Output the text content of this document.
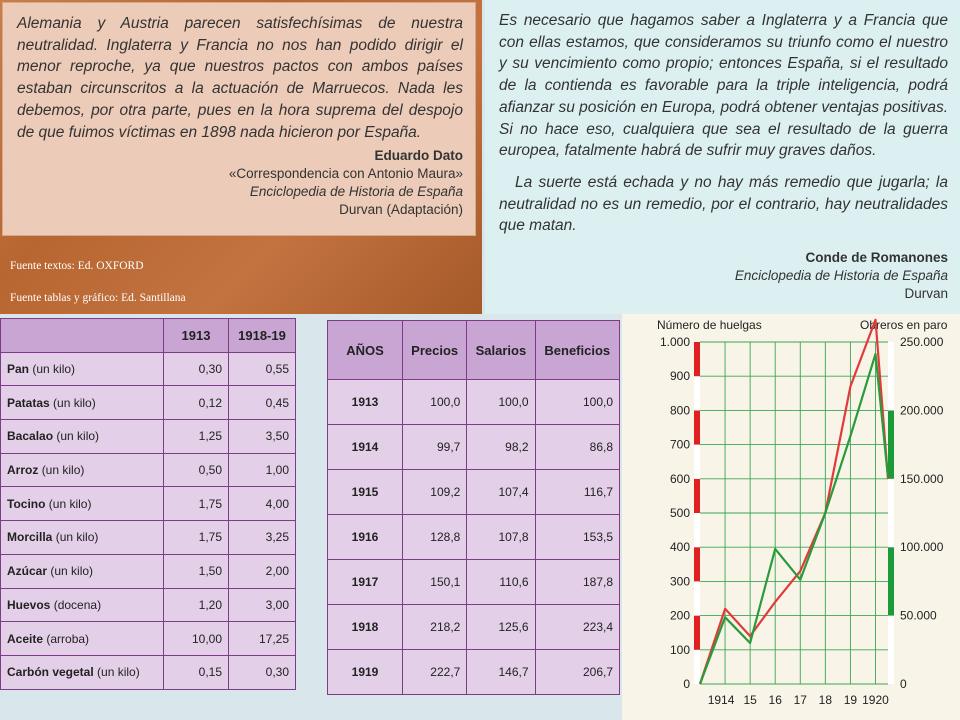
Alemania y Austria parecen satisfechísimas de nuestra neutralidad. Inglaterra y Francia no nos han podido dirigir el menor reproche, ya que nuestros pactos con ambos países estaban circunscritos a la actuación de Marruecos. Nada les debemos, por otra parte, pues en la hora suprema del despojo de que fuimos víctimas en 1898 nada hicieron por España.

Eduardo Dato
«Correspondencia con Antonio Maura»
Enciclopedia de Historia de España
Durvan (Adaptación)
Fuente textos: Ed. OXFORD
Fuente tablas y gráfico: Ed. Santillana

Es necesario que hagamos saber a Inglaterra y a Francia que con ellas estamos, que consideramos su triunfo como el nuestro y su vencimiento como propio; entonces España, si el resultado de la contienda es favorable para la triple inteligencia, podrá afianzar su posición en Europa, podrá obtener ventajas positivas. Si no hace eso, cualquiera que sea el resultado de la guerra europea, fatalmente habrá de sufrir muy graves daños.

La suerte está echada y no hay más remedio que jugarla; la neutralidad no es un remedio, por el contrario, hay neutralidades que matan.

Conde de Romanones
Enciclopedia de Historia de España
Durvan
	1913	1918-19
Pan (un kilo)	0,30	0,55
Patatas (un kilo)	0,12	0,45
Bacalao (un kilo)	1,25	3,50
Arroz (un kilo)	0,50	1,00
Tocino (un kilo)	1,75	4,00
Morcilla (un kilo)	1,75	3,25
Azúcar (un kilo)	1,50	2,00
Huevos (docena)	1,20	3,00
Aceite (arroba)	10,00	17,25
Carbón vegetal (un kilo)	0,15	0,30
AÑOS	Precios	Salarios	Beneficios
1913	100,0	100,0	100,0
1914	99,7	98,2	86,8
1915	109,2	107,4	116,7
1916	128,8	107,8	153,5
1917	150,1	110,6	187,8
1918	218,2	125,6	223,4
1919	222,7	146,7	206,7
0
100
200
300
400
500
600
700
800
900
1.000
0
50.000
100.000
150.000
200.000
250.000
Número de huelgas	Obreros en paro
1914 15 16 17 18 19 1920
